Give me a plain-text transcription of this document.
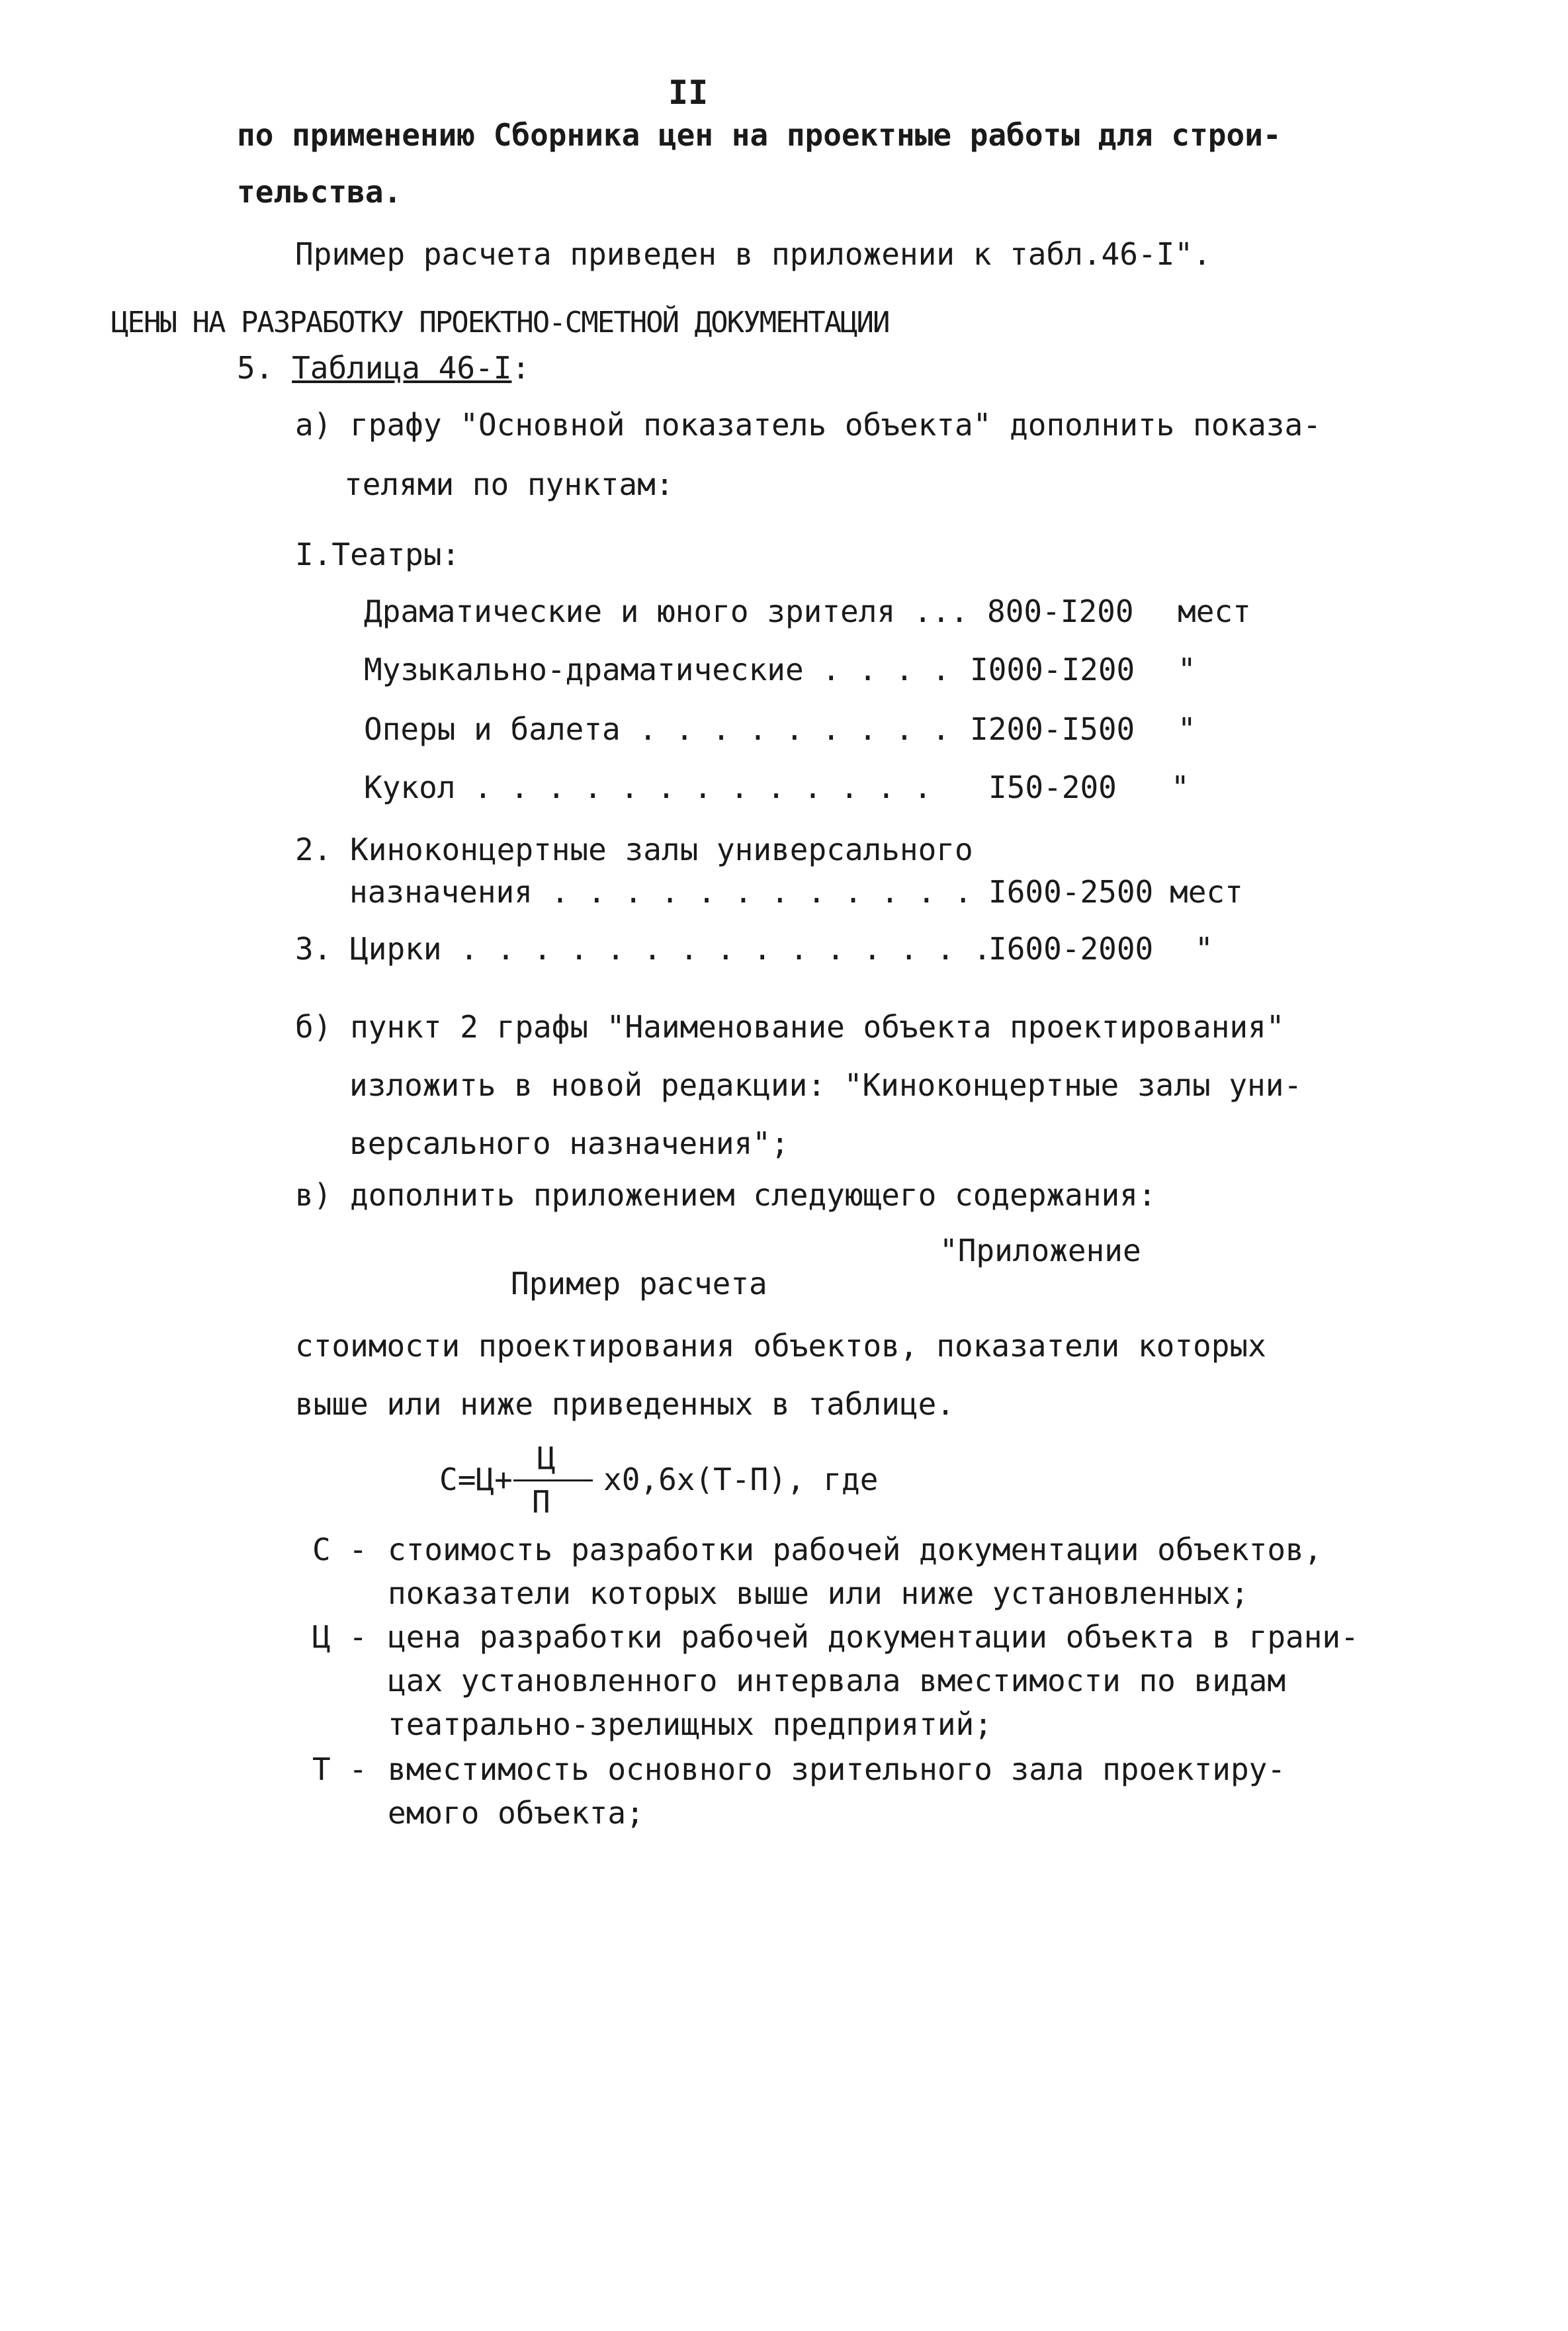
II
по применению Сборника цен на проектные работы для строи-
тельства.
Пример расчета приведен в приложении к табл.46-I".
ЦЕНЫ НА РАЗРАБОТКУ ПРОЕКТНО-СМЕТНОЙ ДОКУМЕНТАЦИИ
5. Таблица 46-I:
а) графу "Основной показатель объекта" дополнить показа-
телями по пунктам:
I.Театры:
Драматические и юного зрителя ... 800-I200 мест
Музыкально-драматические . . . . I000-I200 "
Оперы и балета . . . . . . . . . I200-I500 "
Кукол . . . . . . . . . . . . . I50-200 "
2. Киноконцертные залы универсального
назначения . . . . . . . . . . . . I600-2500 мест
3. Цирки . . . . . . . . . . . . . . .
I600-2000 "
б) пункт 2 графы "Наименование объекта проектирования"
изложить в новой редакции: "Киноконцертные залы уни-
версального назначения";
в) дополнить приложением следующего содержания:
"Приложение
Пример расчета
стоимости проектирования объектов, показатели которых
выше или ниже приведенных в таблице.
С=Ц+
Ц
П
х0,6х(Т-П), где
С - стоимость разработки рабочей документации объектов,
показатели которых выше или ниже установленных;
Ц - цена разработки рабочей документации объекта в грани-
цах установленного интервала вместимости по видам
театрально-зрелищных предприятий;
Т - вместимость основного зрительного зала проектиру-
емого объекта;
